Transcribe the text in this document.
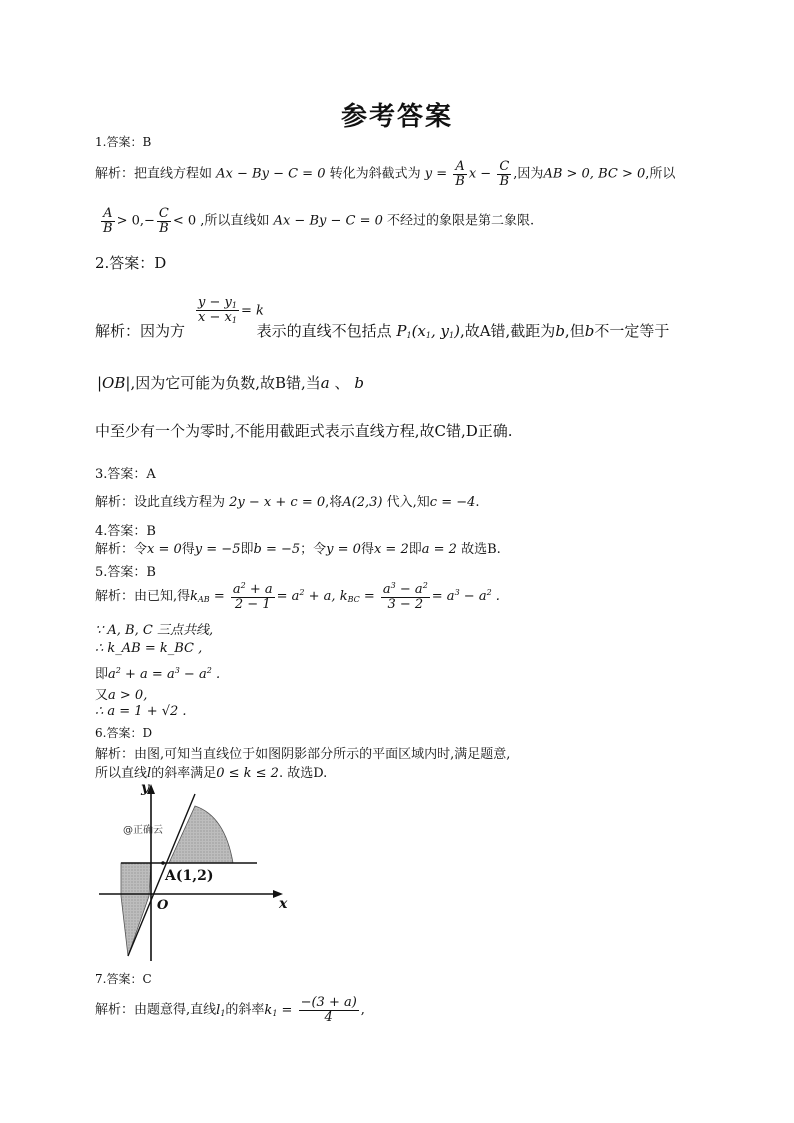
参考答案
1.答案：B
解析：把直线方程如 Ax − By − C = 0 转化为斜截式为 $y = \frac{A}{B}$ $x - \frac{C}{B}$ ,因为AB > 0, BC > 0,所以
$\frac{A}{B} > 0,- \frac{C}{B} < 0$ ,所以直线如 Ax − By − C = 0 不经过的象限是第二象限.
2.答案：D
$\frac{y - y_1}{x - x_1} = k$
解析：因为方	表示的直线不包括点 $P_1(x_1$, $y_1$),故A错,截距为b,但b不一定等于
|OB|,因为它可能为负数,故B错,当a 、 b
中至少有一个为零时,不能用截距式表示直线方程,故C错,D正确.
3.答案：A
解析：设此直线方程为 2y − x + c = 0,将A(2,3) 代入,知c = −4.
4.答案：B
解析：令x = 0得y = −5即b = −5；令y = 0得x = 2即a = 2 故选B.
5.答案：B
解析：由已知,得$k_{AB} = \frac{a^2 + a}{2 - 1} = a^2 + a$, $k_{BC} = \frac{a^3 - a^2}{3 - 2} = a^3 - a^2$ .
∵ A, B, C 三点共线,
∴ k_AB = k_BC ,
即$a^2 + a = a^3 - a^2$ .
又a > 0,
∴ a = 1 + √2 .
6.答案：D
解析：由图,可知当直线位于如图阴影部分所示的平面区域内时,满足题意,
所以直线l的斜率满足0 ≤ k ≤ 2. 故选D.
y
x
O
A(1,2)
@正确云
7.答案：C
解析：由题意得,直线$l_1$的斜率$k_1 = \frac{-(3 + a)}{4}$ ,
